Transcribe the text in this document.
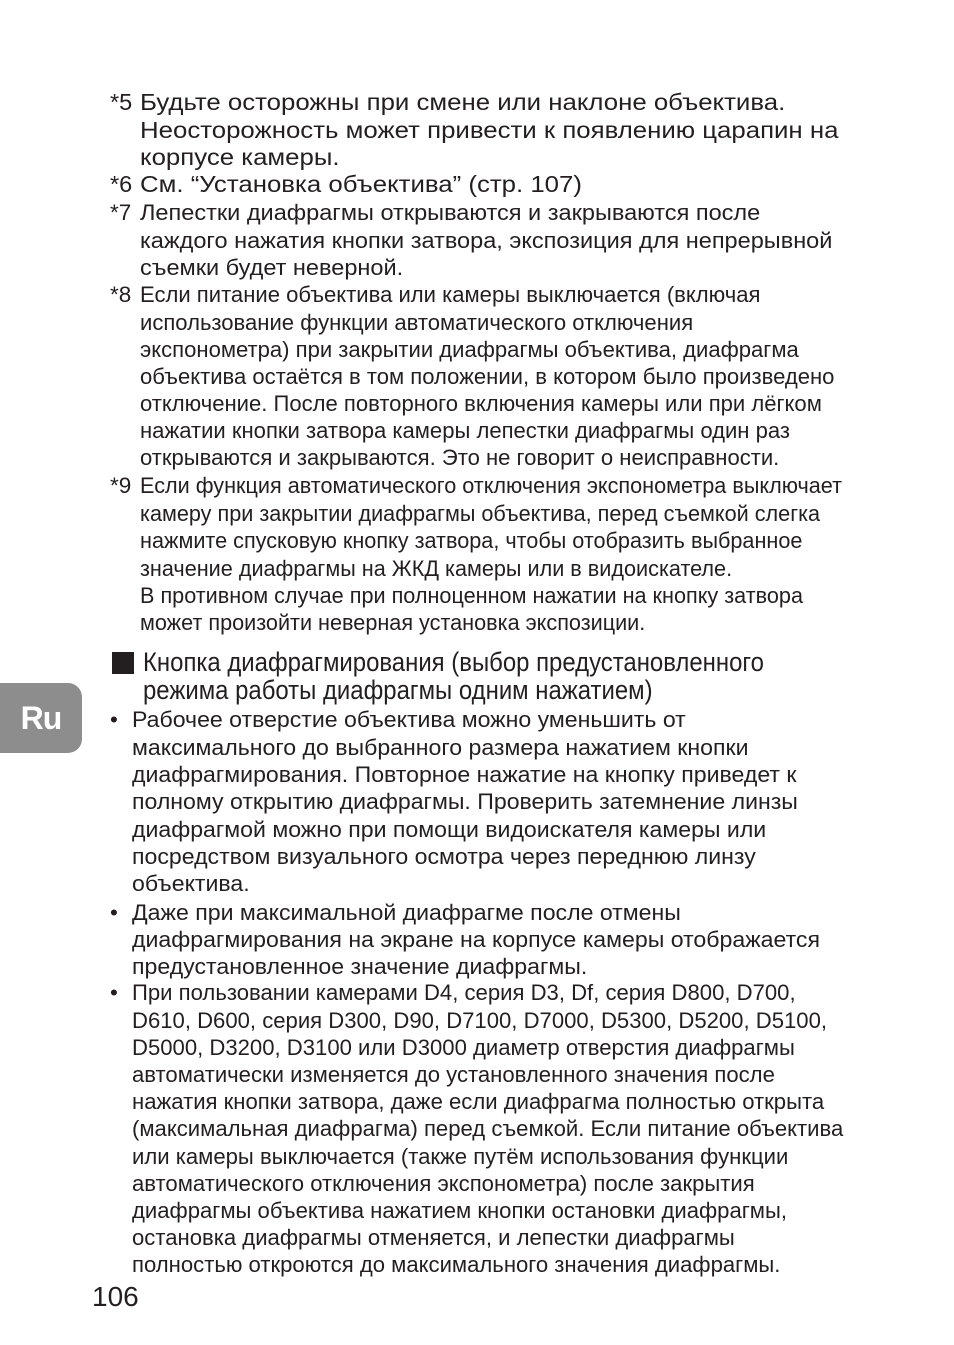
*5 Будьте осторожны при смене или наклоне объектива.
Неосторожность может привести к появлению царапин на
корпусе камеры.
*6 См. “Установка объектива” (стр. 107)
*7 Лепестки диафрагмы открываются и закрываются после
каждого нажатия кнопки затвора, экспозиция для непрерывной
съемки будет неверной.
*8 Если питание объектива или камеры выключается (включая
использование функции автоматического отключения
экспонометра) при закрытии диафрагмы объектива, диафрагма
объектива остаётся в том положении, в котором было произведено
отключение. После повторного включения камеры или при лёгком
нажатии кнопки затвора камеры лепестки диафрагмы один раз
открываются и закрываются. Это не говорит о неисправности.
*9 Если функция автоматического отключения экспонометра выключает
камеру при закрытии диафрагмы объектива, перед съемкой слегка
нажмите спусковую кнопку затвора, чтобы отобразить выбранное
значение диафрагмы на ЖКД камеры или в видоискателе.
В противном случае при полноценном нажатии на кнопку затвора
может произойти неверная установка экспозиции.
Кнопка диафрагмирования (выбор предустановленного
режима работы диафрагмы одним нажатием)
• Рабочее отверстие объектива можно уменьшить от
максимального до выбранного размера нажатием кнопки
диафрагмирования. Повторное нажатие на кнопку приведет к
полному открытию диафрагмы. Проверить затемнение линзы
диафрагмой можно при помощи видоискателя камеры или
посредством визуального осмотра через переднюю линзу
объектива.
• Даже при максимальной диафрагме после отмены
диафрагмирования на экране на корпусе камеры отображается
предустановленное значение диафрагмы.
• При пользовании камерами D4, серия D3, Df, серия D800, D700,
D610, D600, серия D300, D90, D7100, D7000, D5300, D5200, D5100,
D5000, D3200, D3100 или D3000 диаметр отверстия диафрагмы
автоматически изменяется до установленного значения после
нажатия кнопки затвора, даже если диафрагма полностью открыта
(максимальная диафрагма) перед съемкой. Если питание объектива
или камеры выключается (также путём использования функции
автоматического отключения экспонометра) после закрытия
диафрагмы объектива нажатием кнопки остановки диафрагмы,
остановка диафрагмы отменяется, и лепестки диафрагмы
полностью откроются до максимального значения диафрагмы.
Ru
106
